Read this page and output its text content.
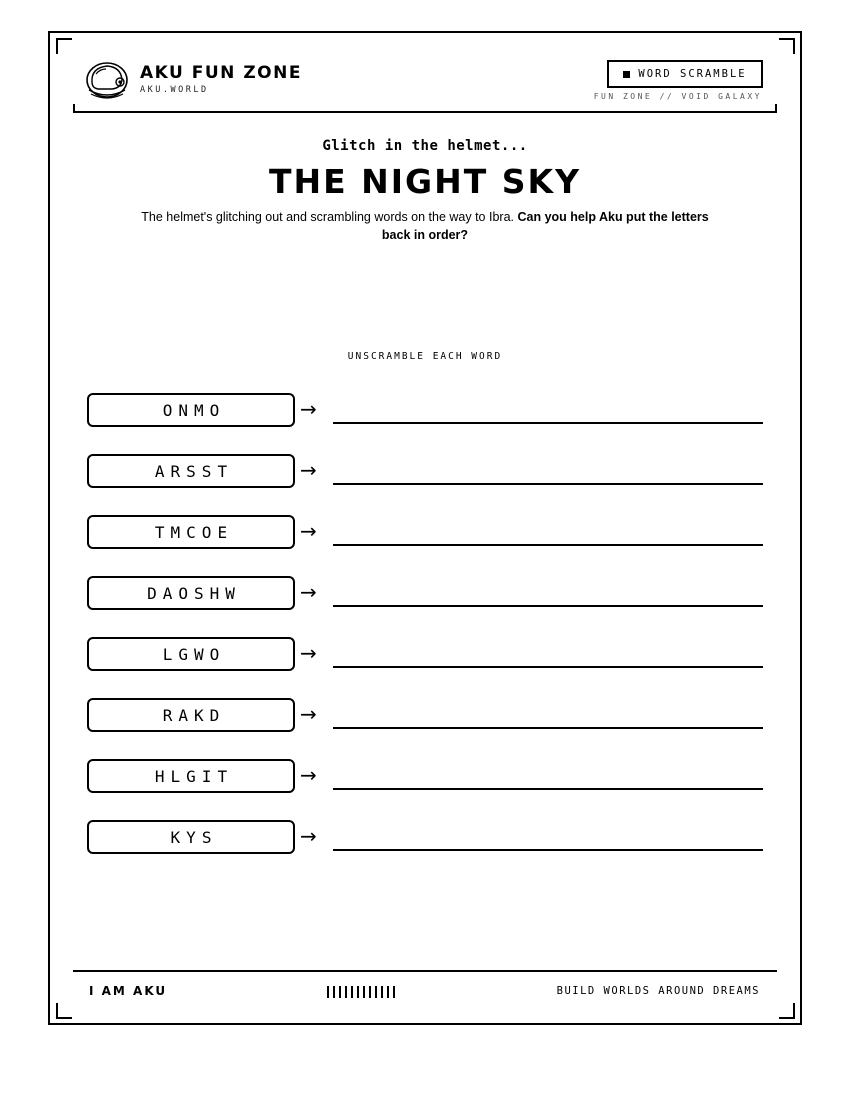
AKU FUN ZONE
AKU.WORLD
WORD SCRAMBLE
FUN ZONE // VOID GALAXY
Glitch in the helmet...
THE NIGHT SKY
The helmet's glitching out and scrambling words on the way to Ibra. Can you help Aku put the letters back in order?
UNSCRAMBLE EACH WORD
ONMO	→
ARSST	→
TMCOE	→
DAOSHW	→
LGWO	→
RAKD	→
HLGIT	→
KYS	→
I AM AKU	BUILD WORLDS AROUND DREAMS
